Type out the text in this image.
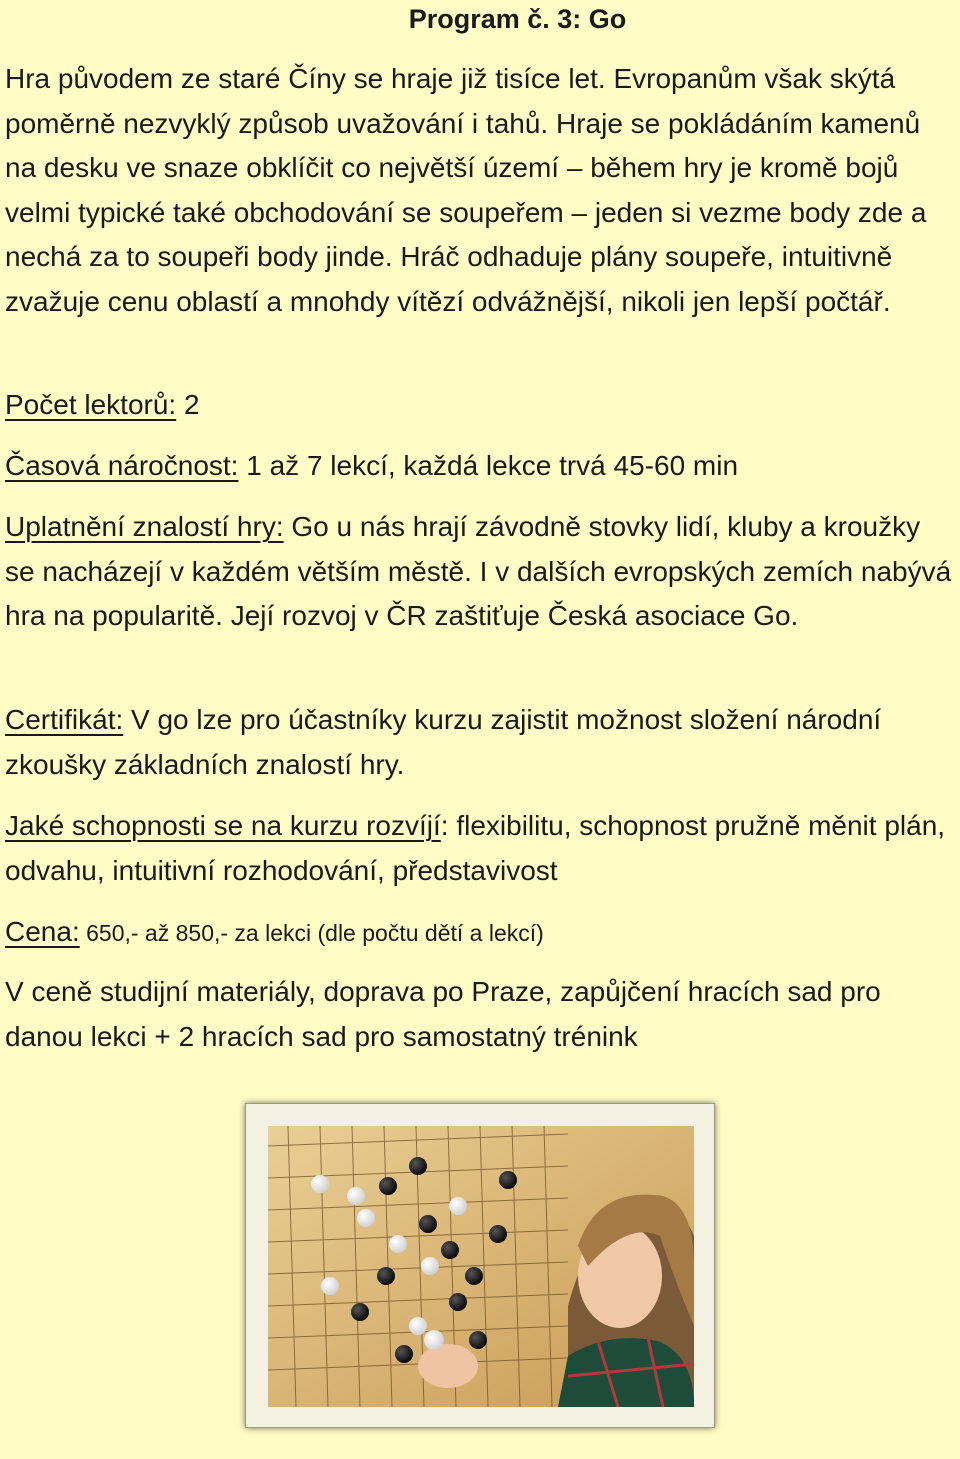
Program č. 3: Go

Hra původem ze staré Číny se hraje již tisíce let. Evropanům však skýtá poměrně nezvyklý způsob uvažování i tahů. Hraje se pokládáním kamenů na desku ve snaze obklíčit co největší území – během hry je kromě bojů velmi typické také obchodování se soupeřem – jeden si vezme body zde a nechá za to soupeři body jinde. Hráč odhaduje plány soupeře, intuitivně zvažuje cenu oblastí a mnohdy vítězí odvážnější, nikoli jen lepší počtář.

Počet lektorů: 2

Časová náročnost: 1 až 7 lekcí, každá lekce trvá 45-60 min

Uplatnění znalostí hry: Go u nás hrají závodně stovky lidí, kluby a kroužky se nacházejí v každém větším městě. I v dalších evropských zemích nabývá hra na popularitě. Její rozvoj v ČR zaštiťuje Česká asociace Go.

Certifikát: V go lze pro účastníky kurzu zajistit možnost složení národní zkoušky základních znalostí hry.

Jaké schopnosti se na kurzu rozvíjí: flexibilitu, schopnost pružně měnit plán, odvahu, intuitivní rozhodování, představivost

Cena: 650,- až 850,- za lekci (dle počtu dětí a lekcí)

V ceně studijní materiály, doprava po Praze, zapůjčení hracích sad pro danou lekci + 2 hracích sad pro samostatný trénink
